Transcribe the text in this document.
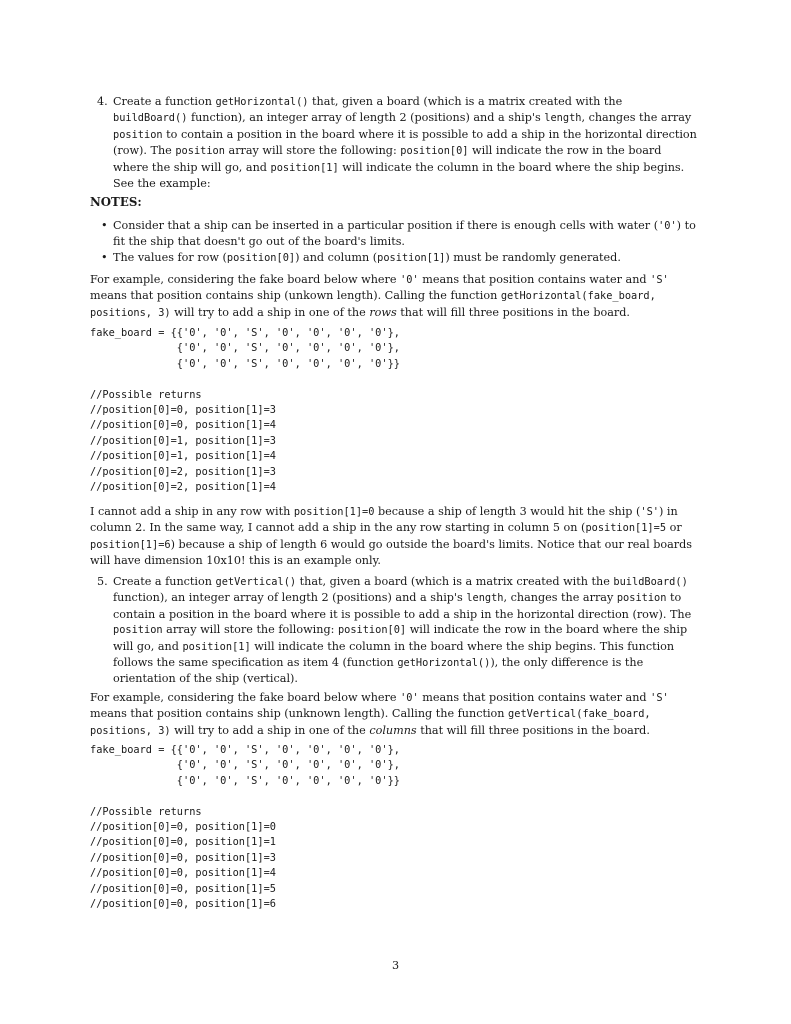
4. Create a function getHorizontal() that, given a board (which is a matrix created with the buildBoard() function), an integer array of length 2 (positions) and a ship's length, changes the array position to contain a position in the board where it is possible to add a ship in the horizontal direction (row). The position array will store the following: position[0] will indicate the row in the board where the ship will go, and position[1] will indicate the column in the board where the ship begins. See the example:

NOTES:

• Consider that a ship can be inserted in a particular position if there is enough cells with water ('0') to fit the ship that doesn't go out of the board's limits.
• The values for row (position[0]) and column (position[1]) must be randomly generated.

For example, considering the fake board below where '0' means that position contains water and 'S' means that position contains ship (unkown length). Calling the function getHorizontal(fake_board, positions, 3) will try to add a ship in one of the rows that will fill three positions in the board.

fake_board = {{'0', '0', 'S', '0', '0', '0', '0'},
{'0', '0', 'S', '0', '0', '0', '0'},
{'0', '0', 'S', '0', '0', '0', '0'}}

//Possible returns
//position[0]=0, position[1]=3
//position[0]=0, position[1]=4
//position[0]=1, position[1]=3
//position[0]=1, position[1]=4
//position[0]=2, position[1]=3
//position[0]=2, position[1]=4

I cannot add a ship in any row with position[1]=0 because a ship of length 3 would hit the ship ('S') in column 2. In the same way, I cannot add a ship in the any row starting in column 5 on (position[1]=5 or position[1]=6) because a ship of length 6 would go outside the board's limits. Notice that our real boards will have dimension 10x10! this is an example only.

5. Create a function getVertical() that, given a board (which is a matrix created with the buildBoard() function), an integer array of length 2 (positions) and a ship's length, changes the array position to contain a position in the board where it is possible to add a ship in the horizontal direction (row). The position array will store the following: position[0] will indicate the row in the board where the ship will go, and position[1] will indicate the column in the board where the ship begins. This function follows the same specification as item 4 (function getHorizontal()), the only difference is the orientation of the ship (vertical).

For example, considering the fake board below where '0' means that position contains water and 'S' means that position contains ship (unknown length). Calling the function getVertical(fake_board, positions, 3) will try to add a ship in one of the columns that will fill three positions in the board.

fake_board = {{'0', '0', 'S', '0', '0', '0', '0'},
{'0', '0', 'S', '0', '0', '0', '0'},
{'0', '0', 'S', '0', '0', '0', '0'}}

//Possible returns
//position[0]=0, position[1]=0
//position[0]=0, position[1]=1
//position[0]=0, position[1]=3
//position[0]=0, position[1]=4
//position[0]=0, position[1]=5
//position[0]=0, position[1]=6

3
